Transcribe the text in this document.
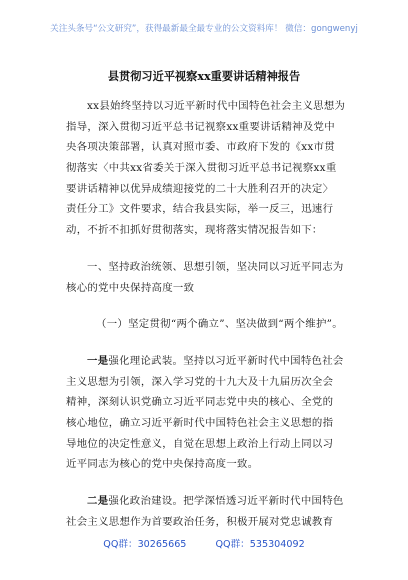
关注头条号“公文研究”，获得最新最全最专业的公文资料库！ 微信：gongwenyj
县贯彻习近平视察xx重要讲话精神报告
xx县始终坚持以习近平新时代中国特色社会主义思想为
指导，深入贯彻习近平总书记视察xx重要讲话精神及党中
央各项决策部署，认真对照市委、市政府下发的《xx市贯
彻落实〈中共xx省委关于深入贯彻习近平总书记视察xx重
要讲话精神以优异成绩迎接党的二十大胜利召开的决定〉
责任分工》文件要求，结合我县实际，举一反三，迅速行
动，不折不扣抓好贯彻落实，现将落实情况报告如下：
一、坚持政治统领、思想引领，坚决同以习近平同志为
核心的党中央保持高度一致
（一）坚定贯彻“两个确立”、坚决做到“两个维护”。
一是强化理论武装。坚持以习近平新时代中国特色社会
主义思想为引领，深入学习党的十九大及十九届历次全会
精神，深刻认识党确立习近平同志党中央的核心、全党的
核心地位，确立习近平新时代中国特色社会主义思想的指
导地位的决定性意义，自觉在思想上政治上行动上同以习
近平同志为核心的党中央保持高度一致。
二是强化政治建设。把学深悟透习近平新时代中国特色
社会主义思想作为首要政治任务，积极开展对党忠诚教育
QQ群：30265665	QQ群：535304092
